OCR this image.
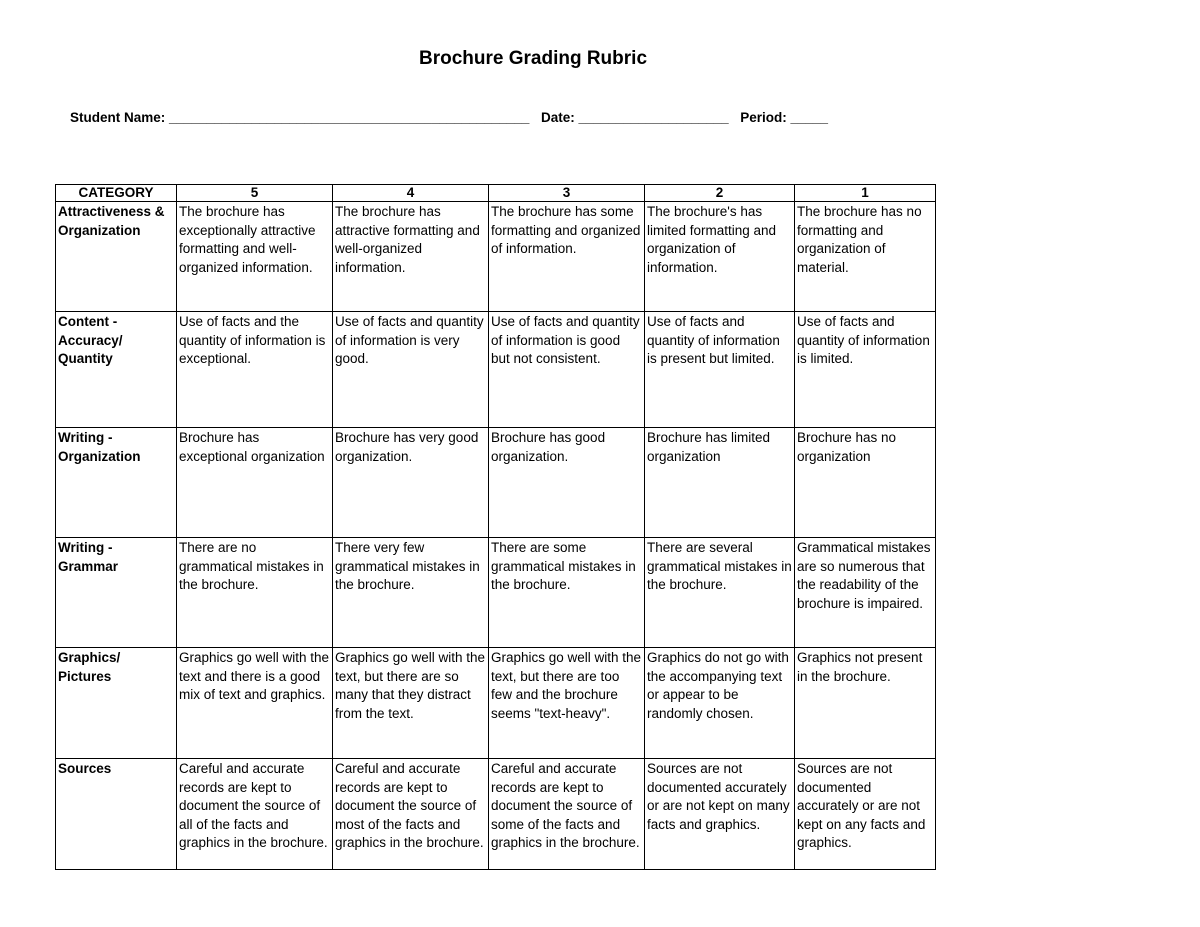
Brochure Grading Rubric
Student Name: ________________________________________________ Date: ____________________ Period: _____
CATEGORY	5	4	3	2	1
Attractiveness & Organization	The brochure has exceptionally attractive formatting and well-organized information.	The brochure has attractive formatting and well-organized information.	The brochure has some formatting and organized of information.	The brochure's has limited formatting and organization of information.	The brochure has no formatting and organization of material.
Content - Accuracy/ Quantity	Use of facts and the quantity of information is exceptional.	Use of facts and quantity of information is very good.	Use of facts and quantity of information is good but not consistent.	Use of facts and quantity of information is present but limited.	Use of facts and quantity of information is limited.
Writing - Organization	Brochure has exceptional organization	Brochure has very good organization.	Brochure has good organization.	Brochure has limited organization	Brochure has no organization
Writing - Grammar	There are no grammatical mistakes in the brochure.	There very few grammatical mistakes in the brochure.	There are some grammatical mistakes in the brochure.	There are several grammatical mistakes in the brochure.	Grammatical mistakes are so numerous that the readability of the brochure is impaired.
Graphics/ Pictures	Graphics go well with the text and there is a good mix of text and graphics.	Graphics go well with the text, but there are so many that they distract from the text.	Graphics go well with the text, but there are too few and the brochure seems "text-heavy".	Graphics do not go with the accompanying text or appear to be randomly chosen.	Graphics not present in the brochure.
Sources	Careful and accurate records are kept to document the source of all of the facts and graphics in the brochure.	Careful and accurate records are kept to document the source of most of the facts and graphics in the brochure.	Careful and accurate records are kept to document the source of some of the facts and graphics in the brochure.	Sources are not documented accurately or are not kept on many facts and graphics.	Sources are not documented accurately or are not kept on any facts and graphics.
